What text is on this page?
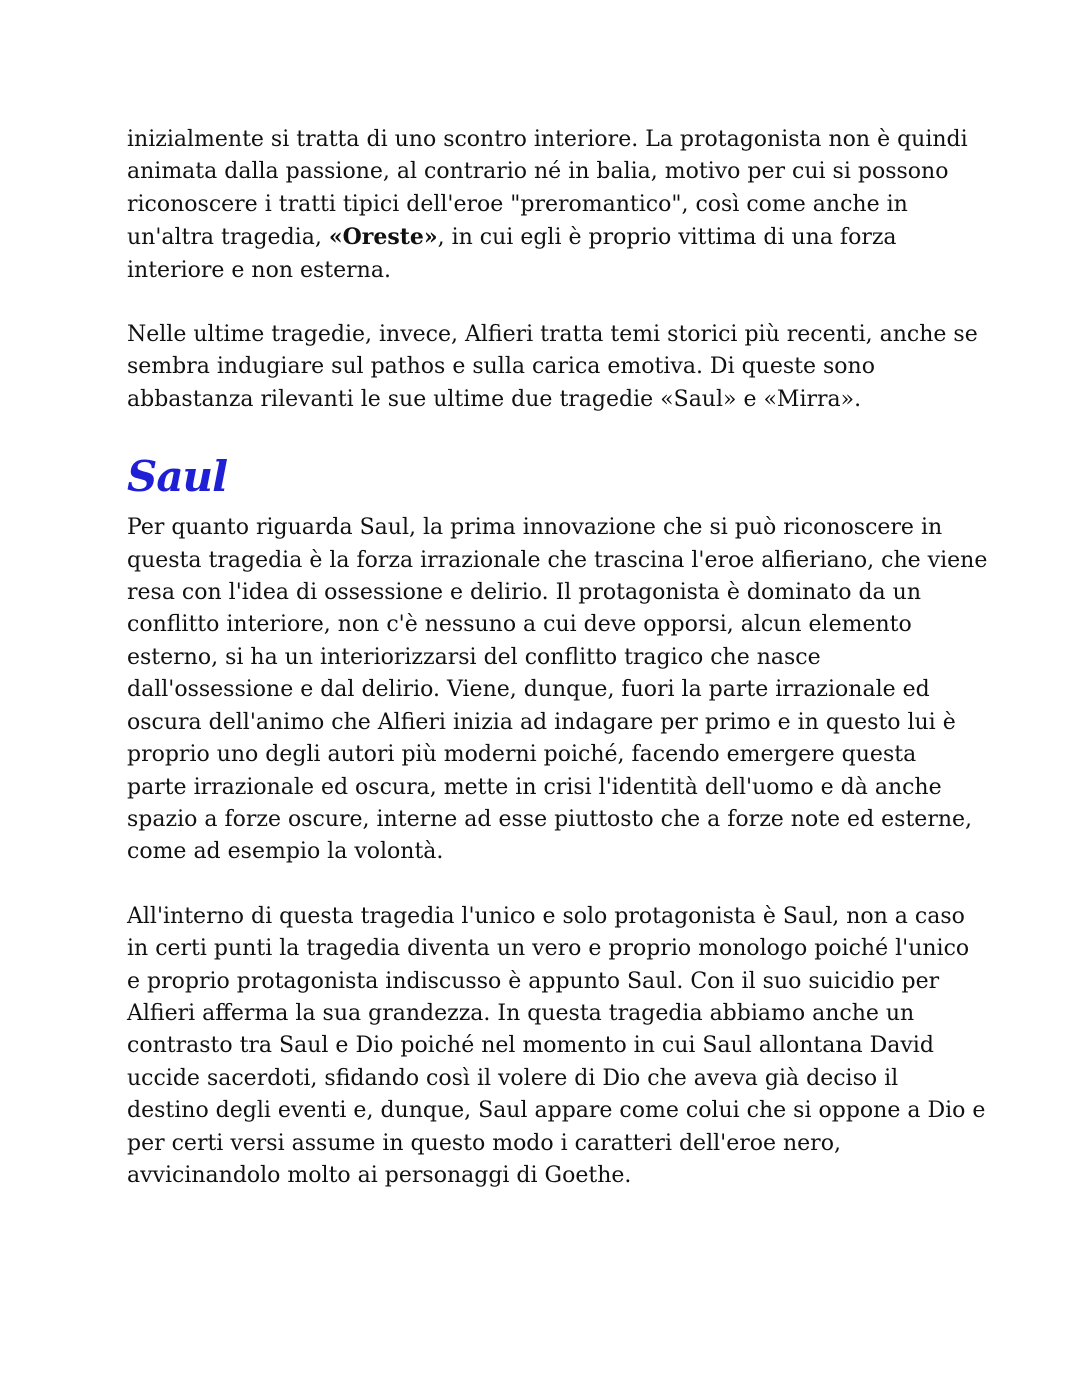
inizialmente si tratta di uno scontro interiore. La protagonista non è quindi
animata dalla passione, al contrario né in balia, motivo per cui si possono
riconoscere i tratti tipici dell'eroe "preromantico", così come anche in
un'altra tragedia, «Oreste», in cui egli è proprio vittima di una forza
interiore e non esterna.

Nelle ultime tragedie, invece, Alfieri tratta temi storici più recenti, anche se
sembra indugiare sul pathos e sulla carica emotiva. Di queste sono
abbastanza rilevanti le sue ultime due tragedie «Saul» e «Mirra».

Saul

Per quanto riguarda Saul, la prima innovazione che si può riconoscere in
questa tragedia è la forza irrazionale che trascina l'eroe alfieriano, che viene
resa con l'idea di ossessione e delirio. Il protagonista è dominato da un
conflitto interiore, non c'è nessuno a cui deve opporsi, alcun elemento
esterno, si ha un interiorizzarsi del conflitto tragico che nasce
dall'ossessione e dal delirio. Viene, dunque, fuori la parte irrazionale ed
oscura dell'animo che Alfieri inizia ad indagare per primo e in questo lui è
proprio uno degli autori più moderni poiché, facendo emergere questa
parte irrazionale ed oscura, mette in crisi l'identità dell'uomo e dà anche
spazio a forze oscure, interne ad esse piuttosto che a forze note ed esterne,
come ad esempio la volontà.

All'interno di questa tragedia l'unico e solo protagonista è Saul, non a caso
in certi punti la tragedia diventa un vero e proprio monologo poiché l'unico
e proprio protagonista indiscusso è appunto Saul. Con il suo suicidio per
Alfieri afferma la sua grandezza. In questa tragedia abbiamo anche un
contrasto tra Saul e Dio poiché nel momento in cui Saul allontana David
uccide sacerdoti, sfidando così il volere di Dio che aveva già deciso il
destino degli eventi e, dunque, Saul appare come colui che si oppone a Dio e
per certi versi assume in questo modo i caratteri dell'eroe nero,
avvicinandolo molto ai personaggi di Goethe.
